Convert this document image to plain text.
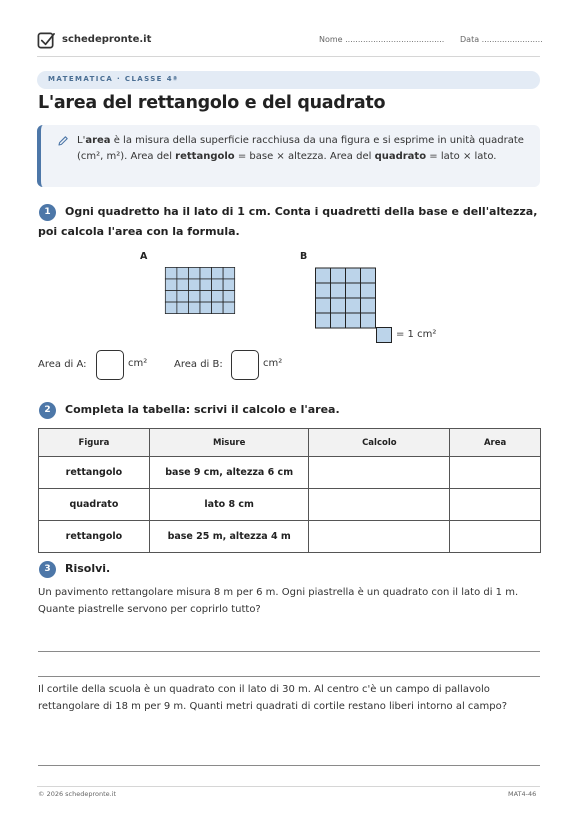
schedepronte.it	Nome ....................................... Data ........................
MATEMATICA · CLASSE 4ª
L'area del rettangolo e del quadrato
L'area è la misura della superficie racchiusa da una figura e si esprime in unità quadrate (cm², m²). Area del rettangolo = base × altezza. Area del quadrato = lato × lato.
1	Ogni quadretto ha il lato di 1 cm. Conta i quadretti della base e dell'altezza, poi calcola l'area con la formula.
A	B
= 1 cm²
Area di A:	cm²	Area di B:	cm²
2	Completa la tabella: scrivi il calcolo e l'area.
Figura	Misure	Calcolo	Area
rettangolo	base 9 cm, altezza 6 cm		
quadrato	lato 8 cm		
rettangolo	base 25 m, altezza 4 m		
3	Risolvi.
Un pavimento rettangolare misura 8 m per 6 m. Ogni piastrella è un quadrato con il lato di 1 m. Quante piastrelle servono per coprirlo tutto?
Il cortile della scuola è un quadrato con il lato di 30 m. Al centro c'è un campo di pallavolo rettangolare di 18 m per 9 m. Quanti metri quadrati di cortile restano liberi intorno al campo?
© 2026 schedepronte.it	MAT4-46
